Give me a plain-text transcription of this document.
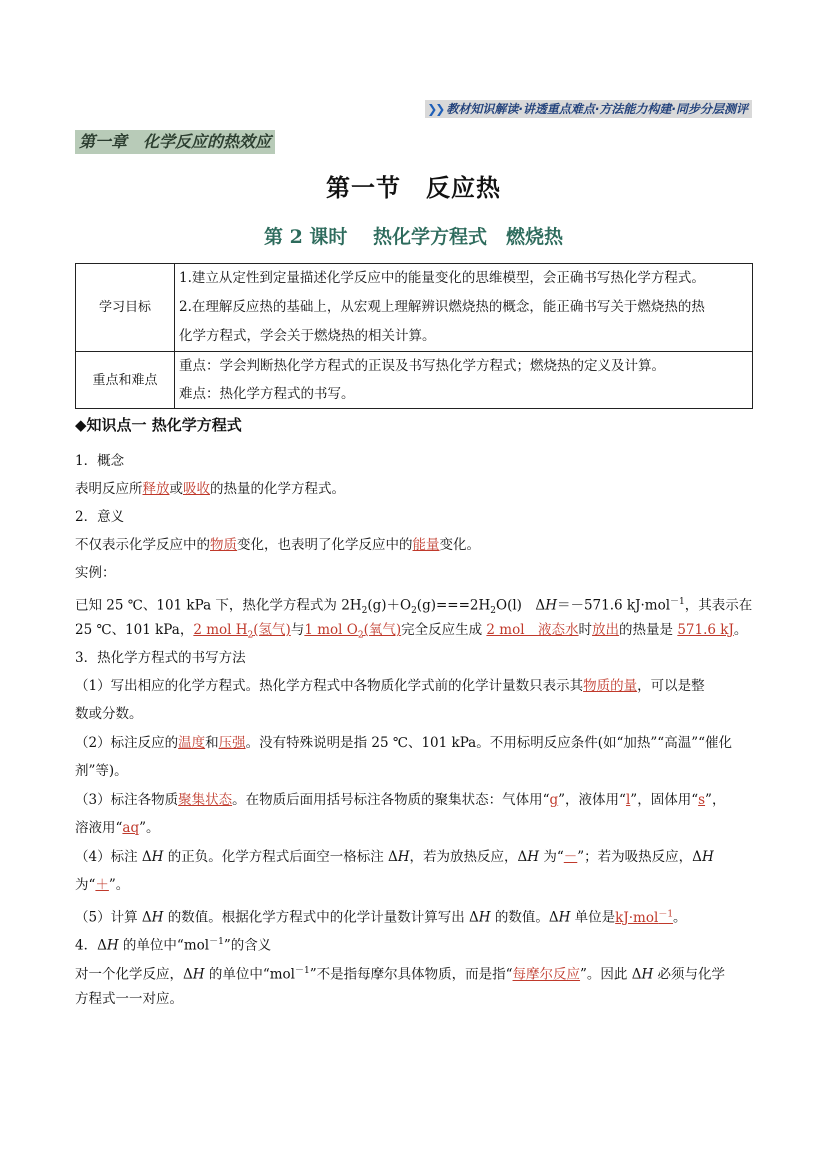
❯❯ 教材知识解读·讲透重点难点·方法能力构建·同步分层测评
第一章　化学反应的热效应
第一节　反应热
第 2 课时　 热化学方程式　燃烧热
学习目标	1.建立从定性到定量描述化学反应中的能量变化的思维模型，会正确书写热化学方程式。
2.在理解反应热的基础上，从宏观上理解辨识燃烧热的概念，能正确书写关于燃烧热的热
化学方程式，学会关于燃烧热的相关计算。

重点和难点	重点：学会判断热化学方程式的正误及书写热化学方程式；燃烧热的定义及计算。
难点：热化学方程式的书写。
◆知识点一 热化学方程式
1．概念
表明反应所释放或吸收的热量的化学方程式。
2．意义
不仅表示化学反应中的物质变化，也表明了化学反应中的能量变化。
实例：
已知 25 ℃、101 kPa 下，热化学方程式为 $2H_2(g)+O_2(g)===2H_2O(l)$　ΔH＝－571.6 kJ·mol$^{-1}$，其表示在
25 ℃、101 kPa，2 mol $H_2$(氢气)与1 mol $O_2$(氧气)完全反应生成 2 mol　液态水时放出的热量是 571.6 kJ。
3．热化学方程式的书写方法
（1）写出相应的化学方程式。热化学方程式中各物质化学式前的化学计量数只表示其物质的量，可以是整
数或分数。
（2）标注反应的温度和压强。没有特殊说明是指 25 ℃、101 kPa。不用标明反应条件(如“加热”“高温”“催化
剂”等)。
（3）标注各物质聚集状态。在物质后面用括号标注各物质的聚集状态：气体用“g”，液体用“l”，固体用“s”，
溶液用“aq”。
（4）标注 ΔH 的正负。化学方程式后面空一格标注 ΔH，若为放热反应，ΔH 为“－”；若为吸热反应，ΔH
为“＋”。
（5）计算 ΔH 的数值。根据化学方程式中的化学计量数计算写出 ΔH 的数值。ΔH 单位是kJ·mol$^{-1}$。
4．ΔH 的单位中“mol$^{-1}$”的含义
对一个化学反应，ΔH 的单位中“mol$^{-1}$”不是指每摩尔具体物质，而是指“每摩尔反应”。因此 ΔH 必须与化学
方程式一一对应。
